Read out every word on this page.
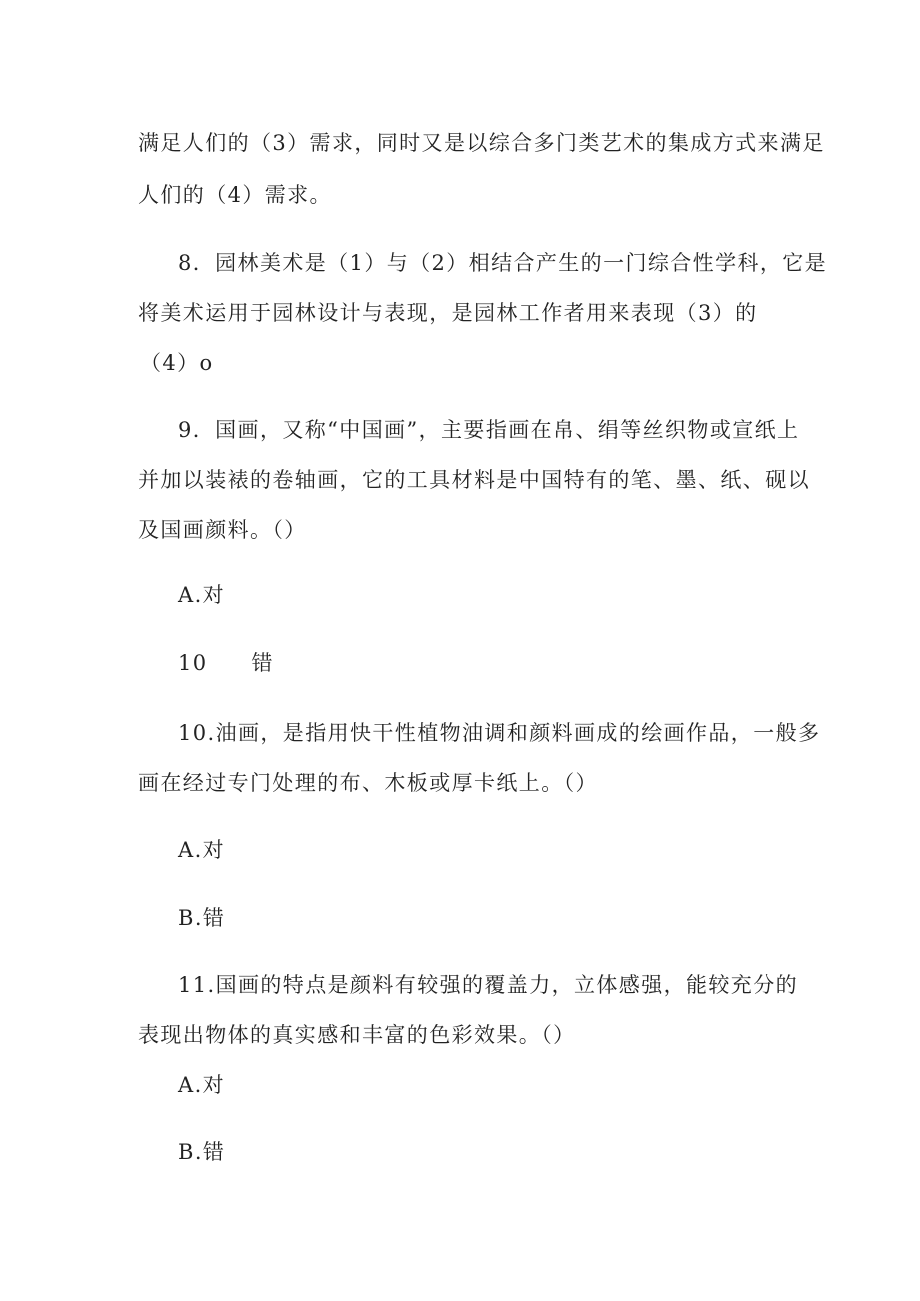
满足人们的（3）需求，同时又是以综合多门类艺术的集成方式来满足
人们的（4）需求。
8．园林美术是（1）与（2）相结合产生的一门综合性学科，它是
将美术运用于园林设计与表现，是园林工作者用来表现（3）的
（4）o
9．国画，又称“中国画”，主要指画在帛、绢等丝织物或宣纸上
并加以装裱的卷轴画，它的工具材料是中国特有的笔、墨、纸、砚以
及国画颜料。（）
A.对
10 错
10.油画，是指用快干性植物油调和颜料画成的绘画作品，一般多
画在经过专门处理的布、木板或厚卡纸上。（）
A.对
B.错
11.国画的特点是颜料有较强的覆盖力，立体感强，能较充分的
表现出物体的真实感和丰富的色彩效果。（）
A.对
B.错
